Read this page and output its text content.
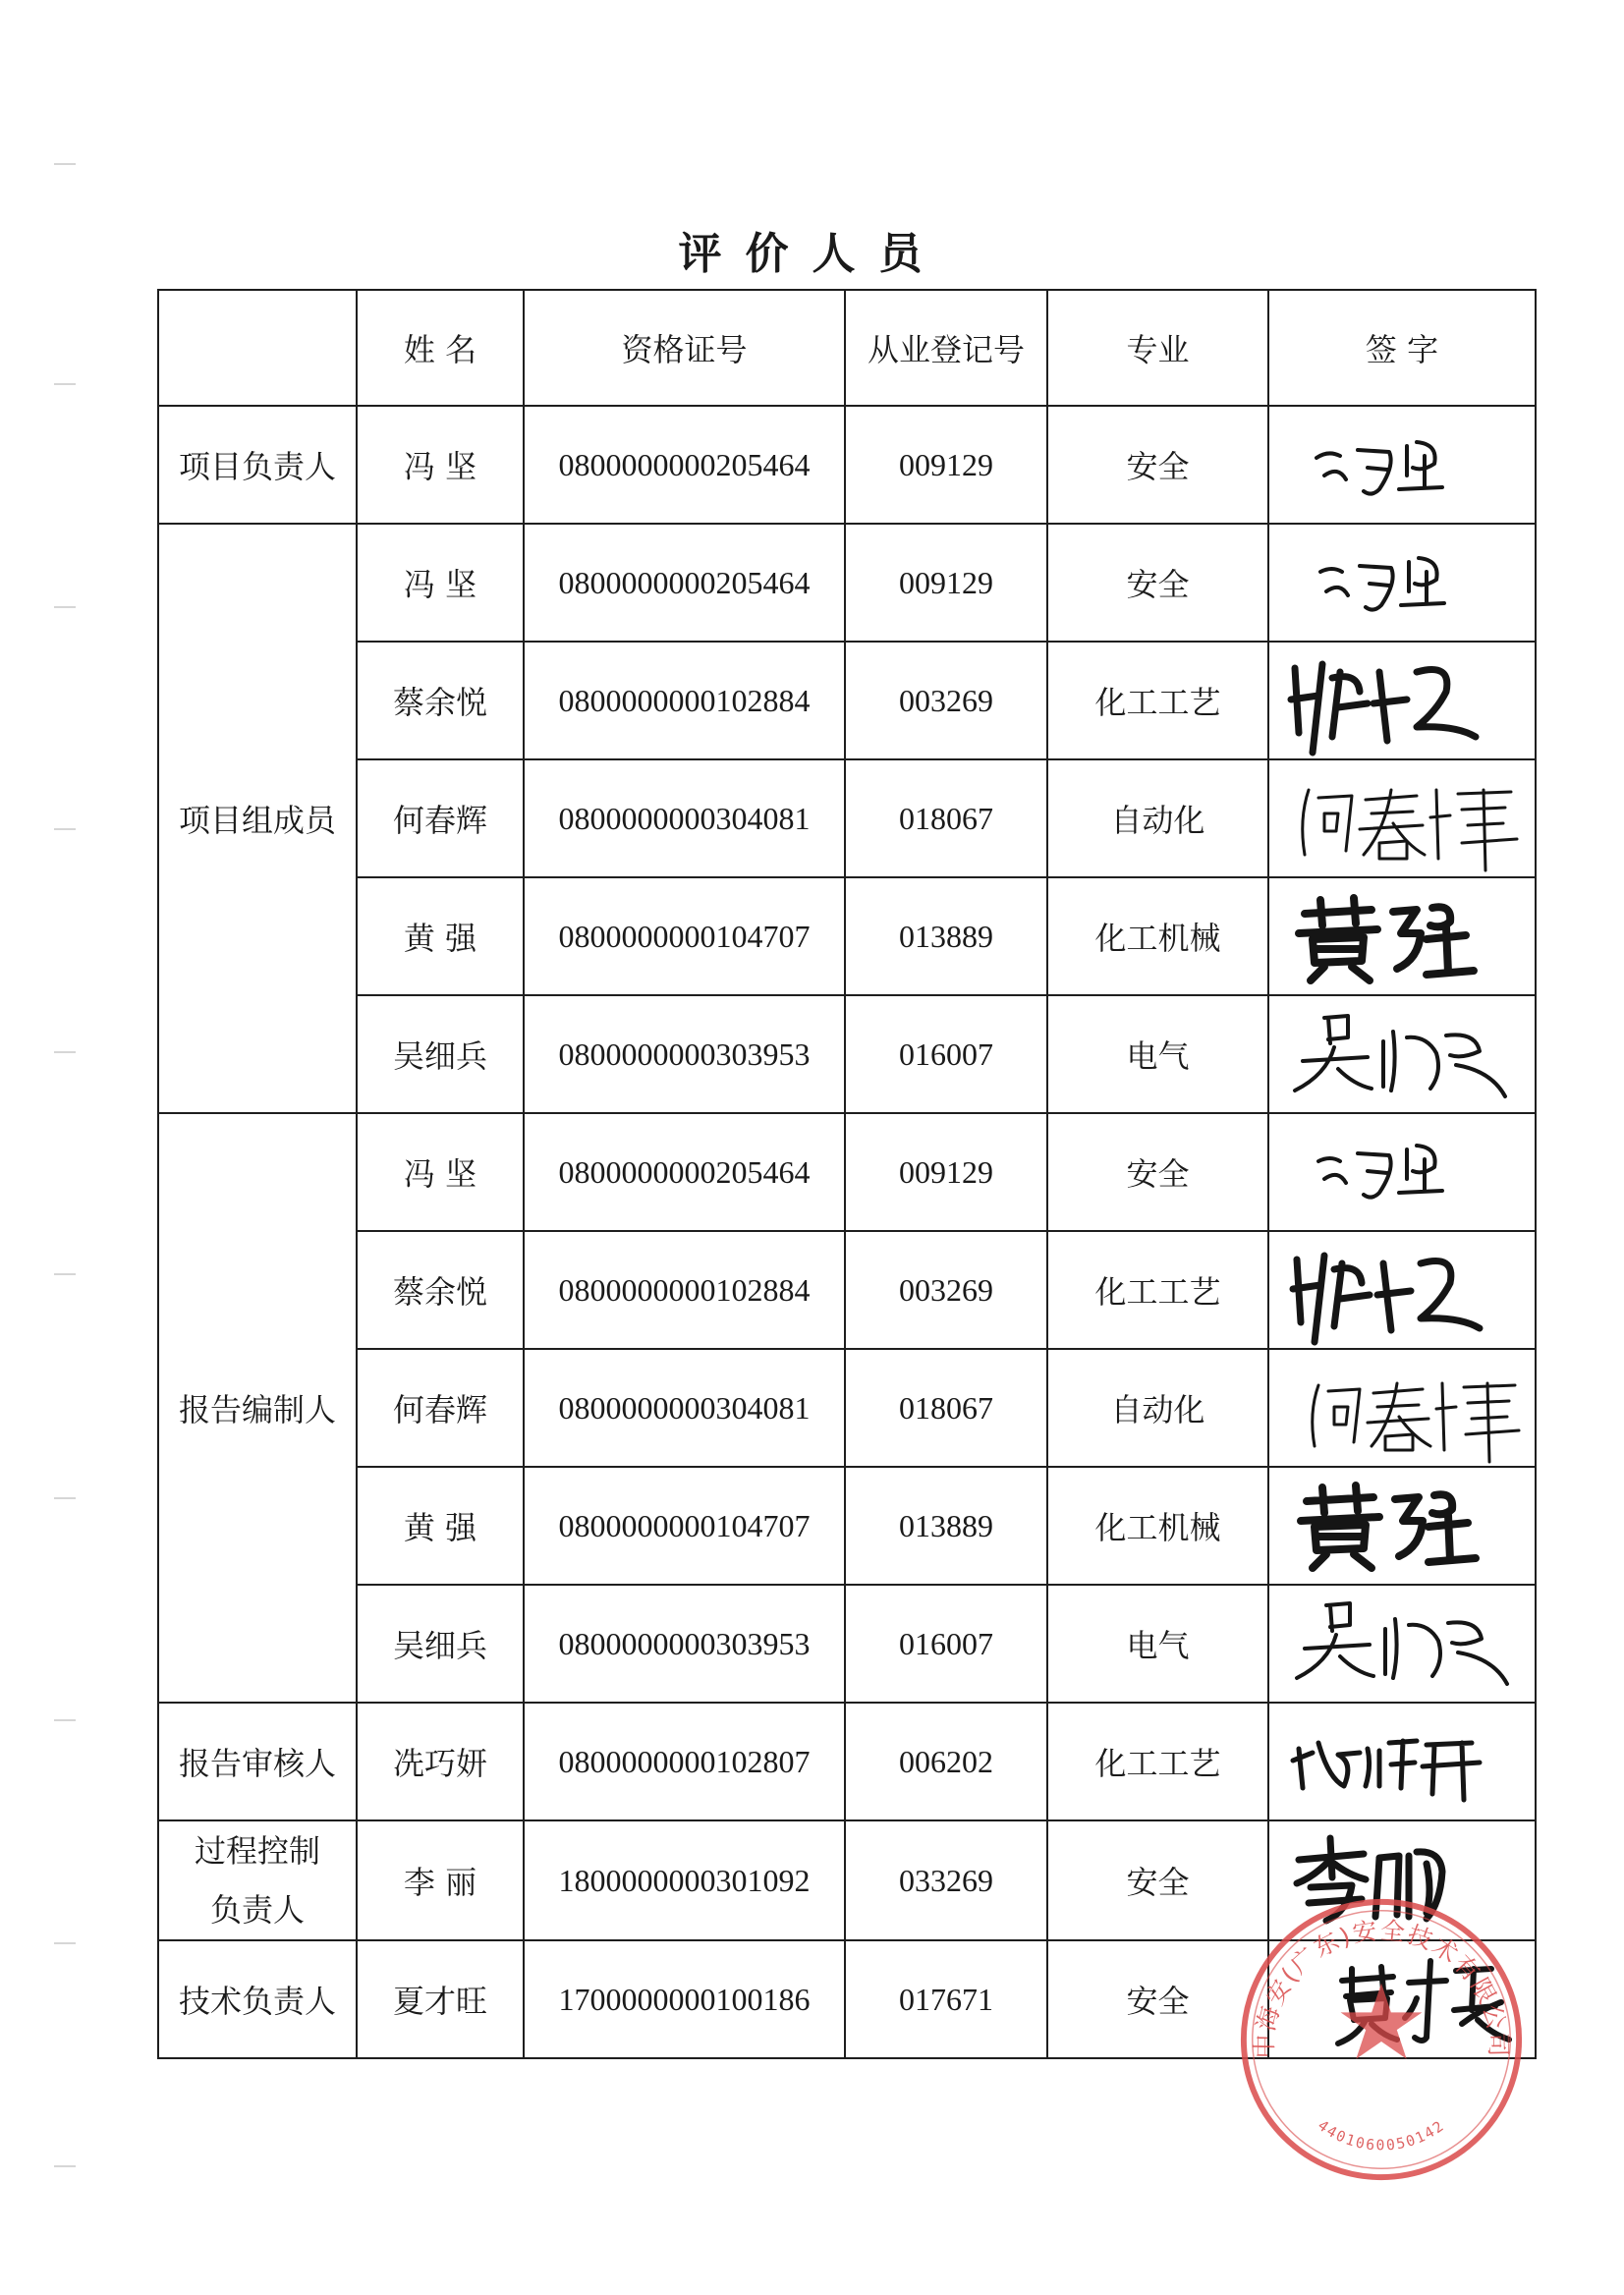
评价人员
	姓 名	资格证号	从业登记号	专业	签 字
项目负责人	冯 坚	0800000000205464	009129	安全	

项目组成员	冯 坚	0800000000205464	009129	安全	

	蔡余悦	0800000000102884	003269	化工工艺	

	何春辉	0800000000304081	018067	自动化	

	黄 强	0800000000104707	013889	化工机械	

	吴细兵	0800000000303953	016007	电气	

报告编制人	冯 坚	0800000000205464	009129	安全	

	蔡余悦	0800000000102884	003269	化工工艺	

	何春辉	0800000000304081	018067	自动化	

	黄 强	0800000000104707	013889	化工机械	

	吴细兵	0800000000303953	016007	电气	

报告审核人	冼巧妍	0800000000102807	006202	化工工艺	

过程控制
负责人	李 丽	1800000000301092	033269	安全	

技术负责人	夏才旺	1700000000100186	017671	安全	
中海安(广东)安全技术有限公司
4401060050142
